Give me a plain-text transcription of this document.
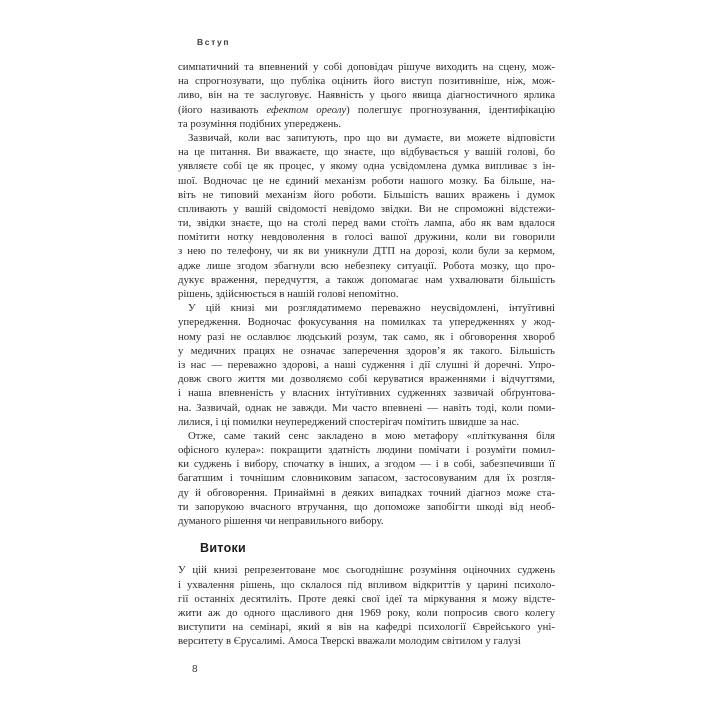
Вступ
симпатичний та впевнений у собі доповідач рішуче виходить на сцену, мож-
на спрогнозувати, що публіка оцінить його виступ позитивніше, ніж, мож-
ливо, він на те заслуговує. Наявність у цього явища діагностичного ярлика
(його називають ефектом ореолу) полегшує прогнозування, ідентифікацію
та розуміння подібних упереджень.
Зазвичай, коли вас запитують, про що ви думаєте, ви можете відповісти
на це питання. Ви вважаєте, що знаєте, що відбувається у вашій голові, бо
уявляєте собі це як процес, у якому одна усвідомлена думка випливає з ін-
шої. Водночас це не єдиний механізм роботи нашого мозку. Ба більше, на-
віть не типовий механізм його роботи. Більшість ваших вражень і думок
спливають у вашій свідомості невідомо звідки. Ви не спроможні відстежи-
ти, звідки знаєте, що на столі перед вами стоїть лампа, або як вам вдалося
помітити нотку невдоволення в голосі вашої дружини, коли ви говорили
з нею по телефону, чи як ви уникнули ДТП на дорозі, коли були за кермом,
адже лише згодом збагнули всю небезпеку ситуації. Робота мозку, що про-
дукує враження, передчуття, а також допомагає нам ухвалювати більшість
рішень, здійснюється в нашій голові непомітно.
У цій книзі ми розглядатимемо переважно неусвідомлені, інтуїтивні
упередження. Водночас фокусування на помилках та упередженнях у жод-
ному разі не ославлює людський розум, так само, як і обговорення хвороб
у медичних працях не означає заперечення здоров’я як такого. Більшість
із нас — переважно здорові, а наші судження і дії слушні й доречні. Упро-
довж свого життя ми дозволяємо собі керуватися враженнями і відчуттями,
і наша впевненість у власних інтуїтивних судженнях зазвичай обґрунтова-
на. Зазвичай, однак не завжди. Ми часто впевнені — навіть тоді, коли поми-
лилися, і ці помилки неупереджений спостерігач помітить швидше за нас.
Отже, саме такий сенс закладено в мою метафору «пліткування біля
офісного кулера»: покращити здатність людини помічати і розуміти помил-
ки суджень і вибору, спочатку в інших, а згодом — і в собі, забезпечивши її
багатшим і точнішим словниковим запасом, застосовуваним для їх розгля-
ду й обговорення. Принаймні в деяких випадках точний діагноз може ста-
ти запорукою вчасного втручання, що допоможе запобігти шкоді від необ-
думаного рішення чи неправильного вибору.
Витоки
У цій книзі репрезентоване моє сьогоднішнє розуміння оціночних суджень
і ухвалення рішень, що склалося під впливом відкриттів у царині психоло-
гії останніх десятиліть. Проте деякі свої ідеї та міркування я можу відсте-
жити аж до одного щасливого дня 1969 року, коли попросив свого колегу
виступити на семінарі, який я вів на кафедрі психології Єврейського уні-
верситету в Єрусалимі. Амоса Тверскі вважали молодим світилом у галузі
8
